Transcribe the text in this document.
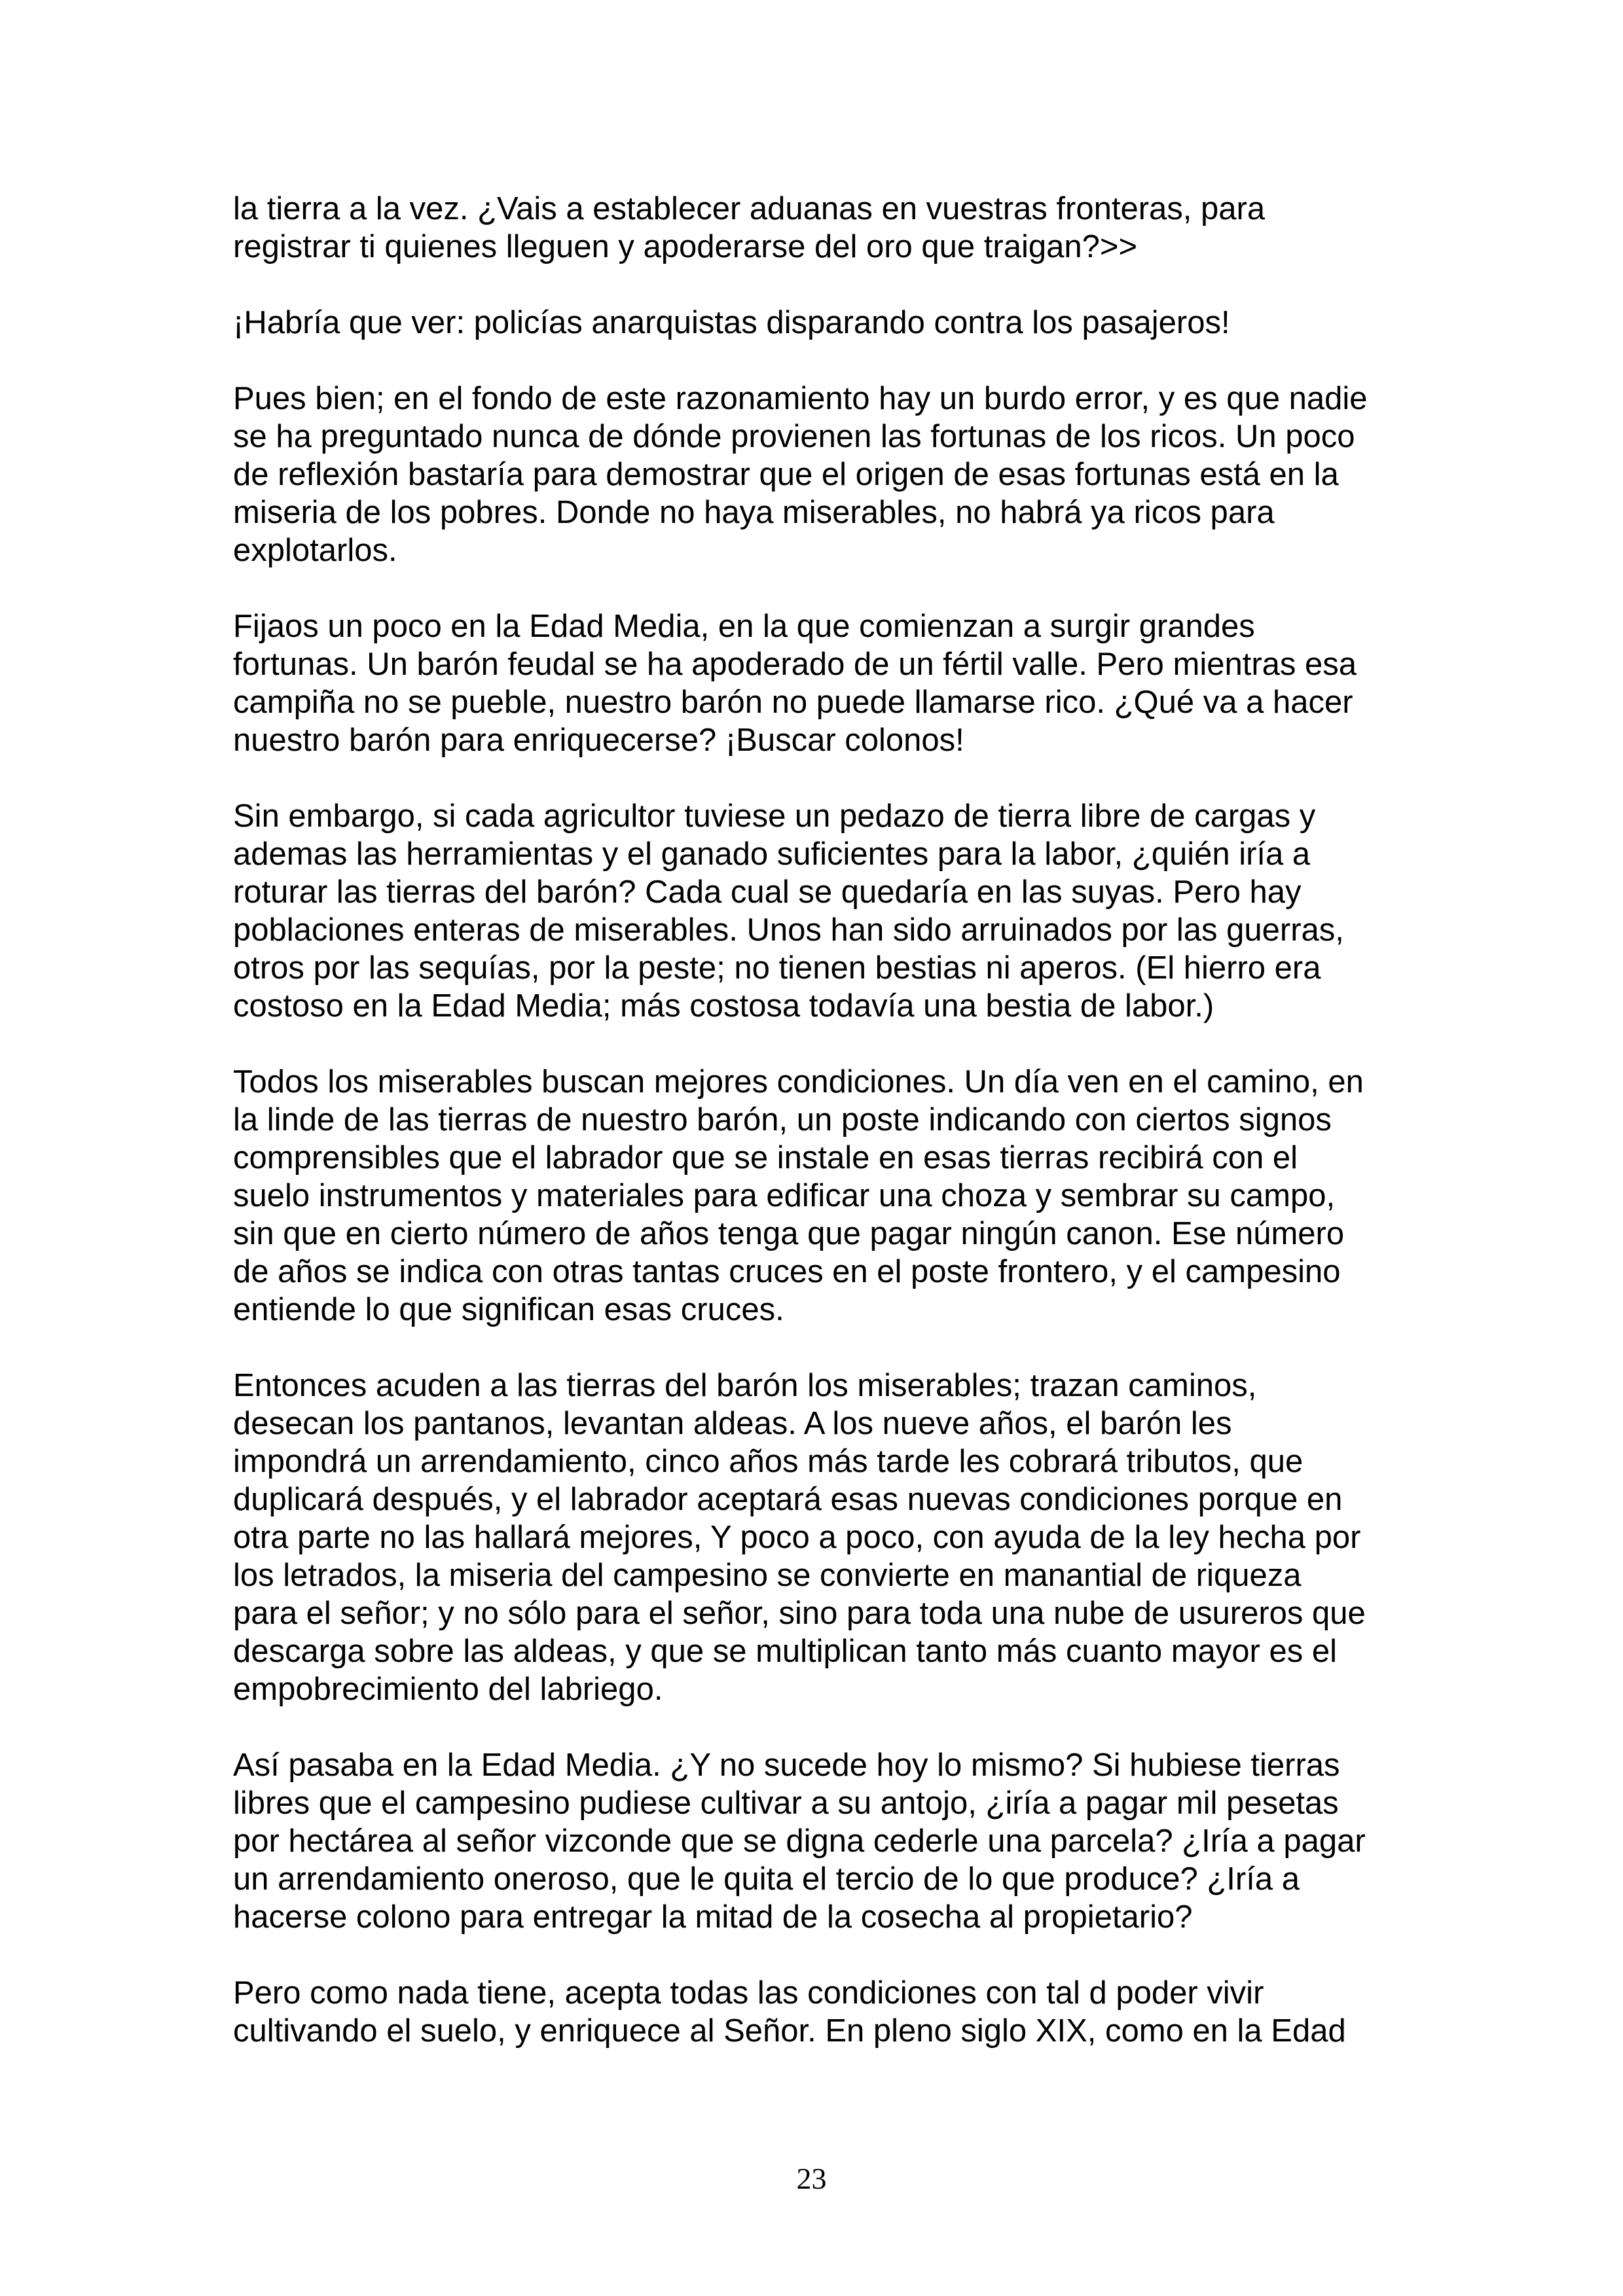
la tierra a la vez. ¿Vais a establecer aduanas en vuestras fronteras, para
registrar ti quienes lleguen y apoderarse del oro que traigan?>>

¡Habría que ver: policías anarquistas disparando contra los pasajeros!

Pues bien; en el fondo de este razonamiento hay un burdo error, y es que nadie
se ha preguntado nunca de dónde provienen las fortunas de los ricos. Un poco
de reflexión bastaría para demostrar que el origen de esas fortunas está en la
miseria de los pobres. Donde no haya miserables, no habrá ya ricos para
explotarlos.

Fijaos un poco en la Edad Media, en la que comienzan a surgir grandes
fortunas. Un barón feudal se ha apoderado de un fértil valle. Pero mientras esa
campiña no se pueble, nuestro barón no puede llamarse rico. ¿Qué va a hacer
nuestro barón para enriquecerse? ¡Buscar colonos!

Sin embargo, si cada agricultor tuviese un pedazo de tierra libre de cargas y
ademas las herramientas y el ganado suficientes para la labor, ¿quién iría a
roturar las tierras del barón? Cada cual se quedaría en las suyas. Pero hay
poblaciones enteras de miserables. Unos han sido arruinados por las guerras,
otros por las sequías, por la peste; no tienen bestias ni aperos. (El hierro era
costoso en la Edad Media; más costosa todavía una bestia de labor.)

Todos los miserables buscan mejores condiciones. Un día ven en el camino, en
la linde de las tierras de nuestro barón, un poste indicando con ciertos signos
comprensibles que el labrador que se instale en esas tierras recibirá con el
suelo instrumentos y materiales para edificar una choza y sembrar su campo,
sin que en cierto número de años tenga que pagar ningún canon. Ese número
de años se indica con otras tantas cruces en el poste frontero, y el campesino
entiende lo que significan esas cruces.

Entonces acuden a las tierras del barón los miserables; trazan caminos,
desecan los pantanos, levantan aldeas. A los nueve años, el barón les
impondrá un arrendamiento, cinco años más tarde les cobrará tributos, que
duplicará después, y el labrador aceptará esas nuevas condiciones porque en
otra parte no las hallará mejores, Y poco a poco, con ayuda de la ley hecha por
los letrados, la miseria del campesino se convierte en manantial de riqueza
para el señor; y no sólo para el señor, sino para toda una nube de usureros que
descarga sobre las aldeas, y que se multiplican tanto más cuanto mayor es el
empobrecimiento del labriego.

Así pasaba en la Edad Media. ¿Y no sucede hoy lo mismo? Si hubiese tierras
libres que el campesino pudiese cultivar a su antojo, ¿iría a pagar mil pesetas
por hectárea al señor vizconde que se digna cederle una parcela? ¿Iría a pagar
un arrendamiento oneroso, que le quita el tercio de lo que produce? ¿Iría a
hacerse colono para entregar la mitad de la cosecha al propietario?

Pero como nada tiene, acepta todas las condiciones con tal d poder vivir
cultivando el suelo, y enriquece al Señor. En pleno siglo XIX, como en la Edad

23
